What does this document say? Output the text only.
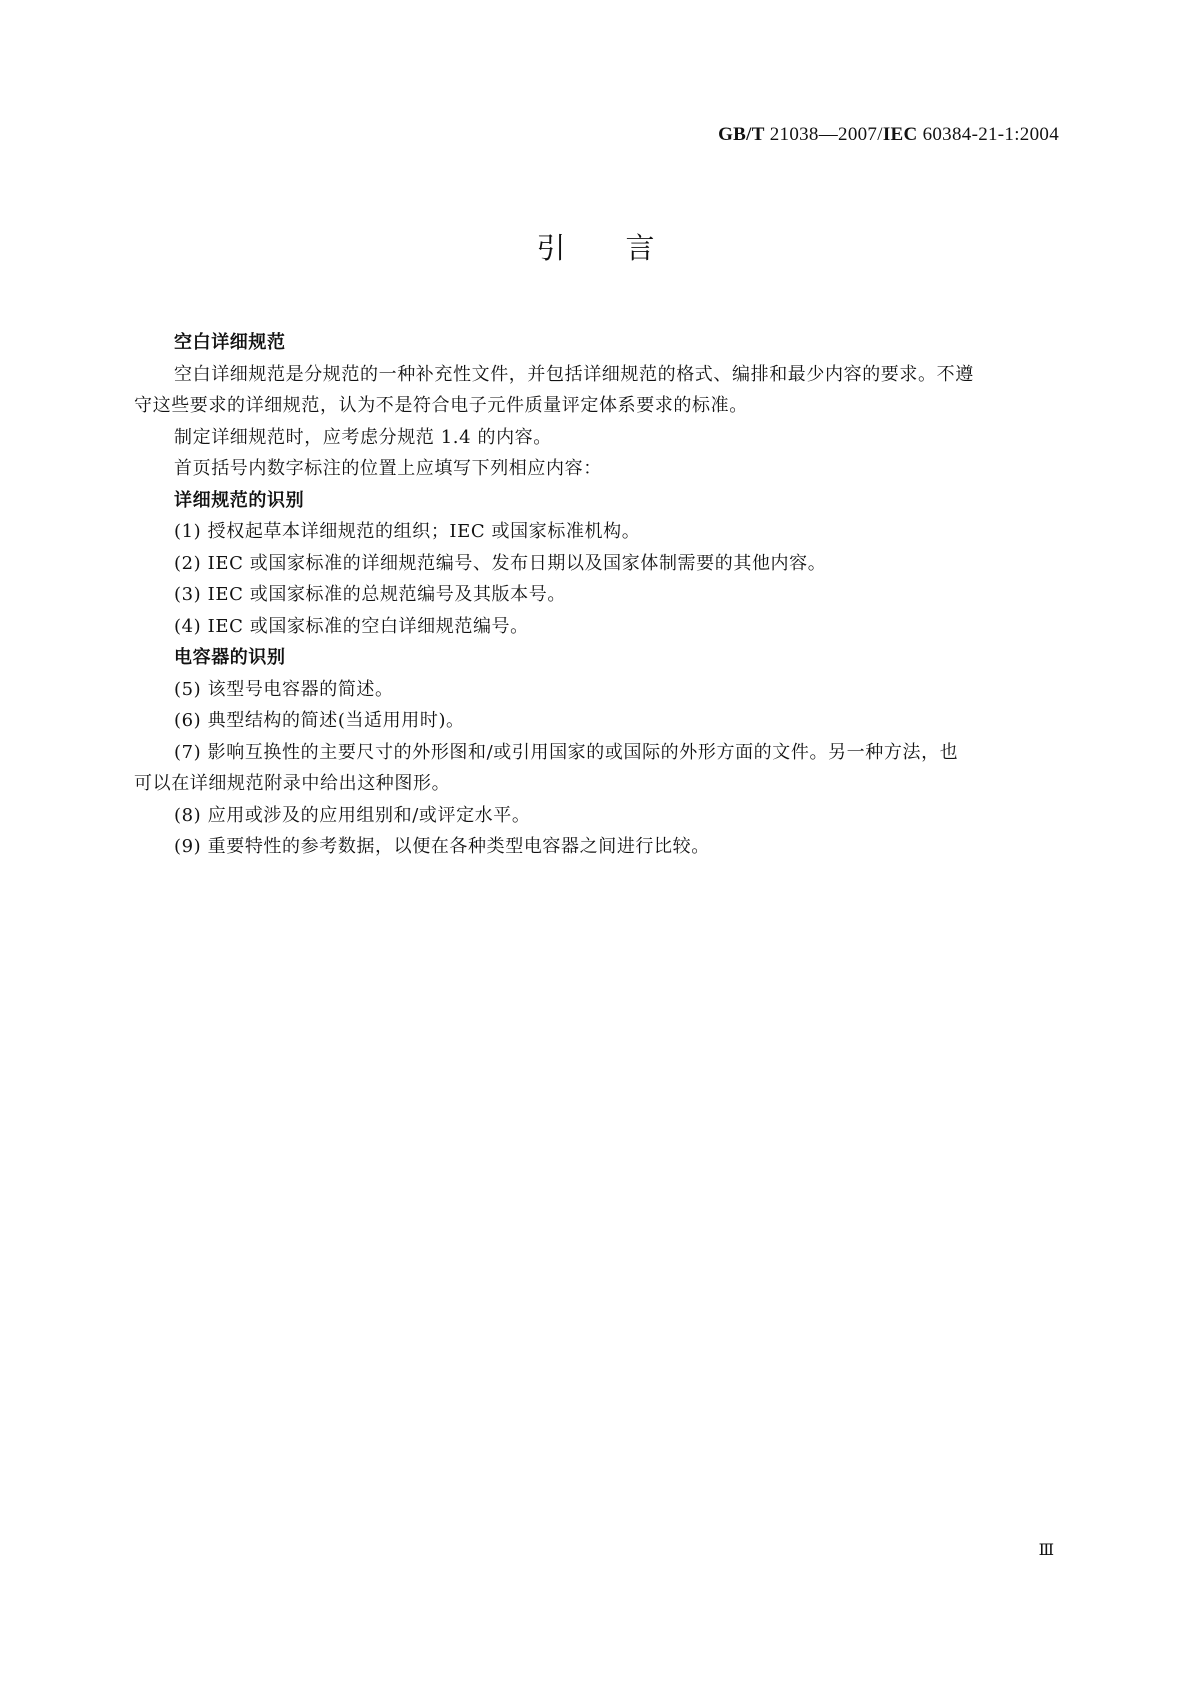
GB/T 21038—2007/IEC 60384-21-1:2004
引言
空白详细规范
空白详细规范是分规范的一种补充性文件，并包括详细规范的格式、编排和最少内容的要求。不遵
守这些要求的详细规范，认为不是符合电子元件质量评定体系要求的标准。
制定详细规范时，应考虑分规范 1.4 的内容。
首页括号内数字标注的位置上应填写下列相应内容：
详细规范的识别
(1) 授权起草本详细规范的组织；IEC 或国家标准机构。
(2) IEC 或国家标准的详细规范编号、发布日期以及国家体制需要的其他内容。
(3) IEC 或国家标准的总规范编号及其版本号。
(4) IEC 或国家标准的空白详细规范编号。
电容器的识别
(5) 该型号电容器的简述。
(6) 典型结构的简述(当适用用时)。
(7) 影响互换性的主要尺寸的外形图和/或引用国家的或国际的外形方面的文件。另一种方法，也
可以在详细规范附录中给出这种图形。
(8) 应用或涉及的应用组别和/或评定水平。
(9) 重要特性的参考数据，以便在各种类型电容器之间进行比较。
Ⅲ
